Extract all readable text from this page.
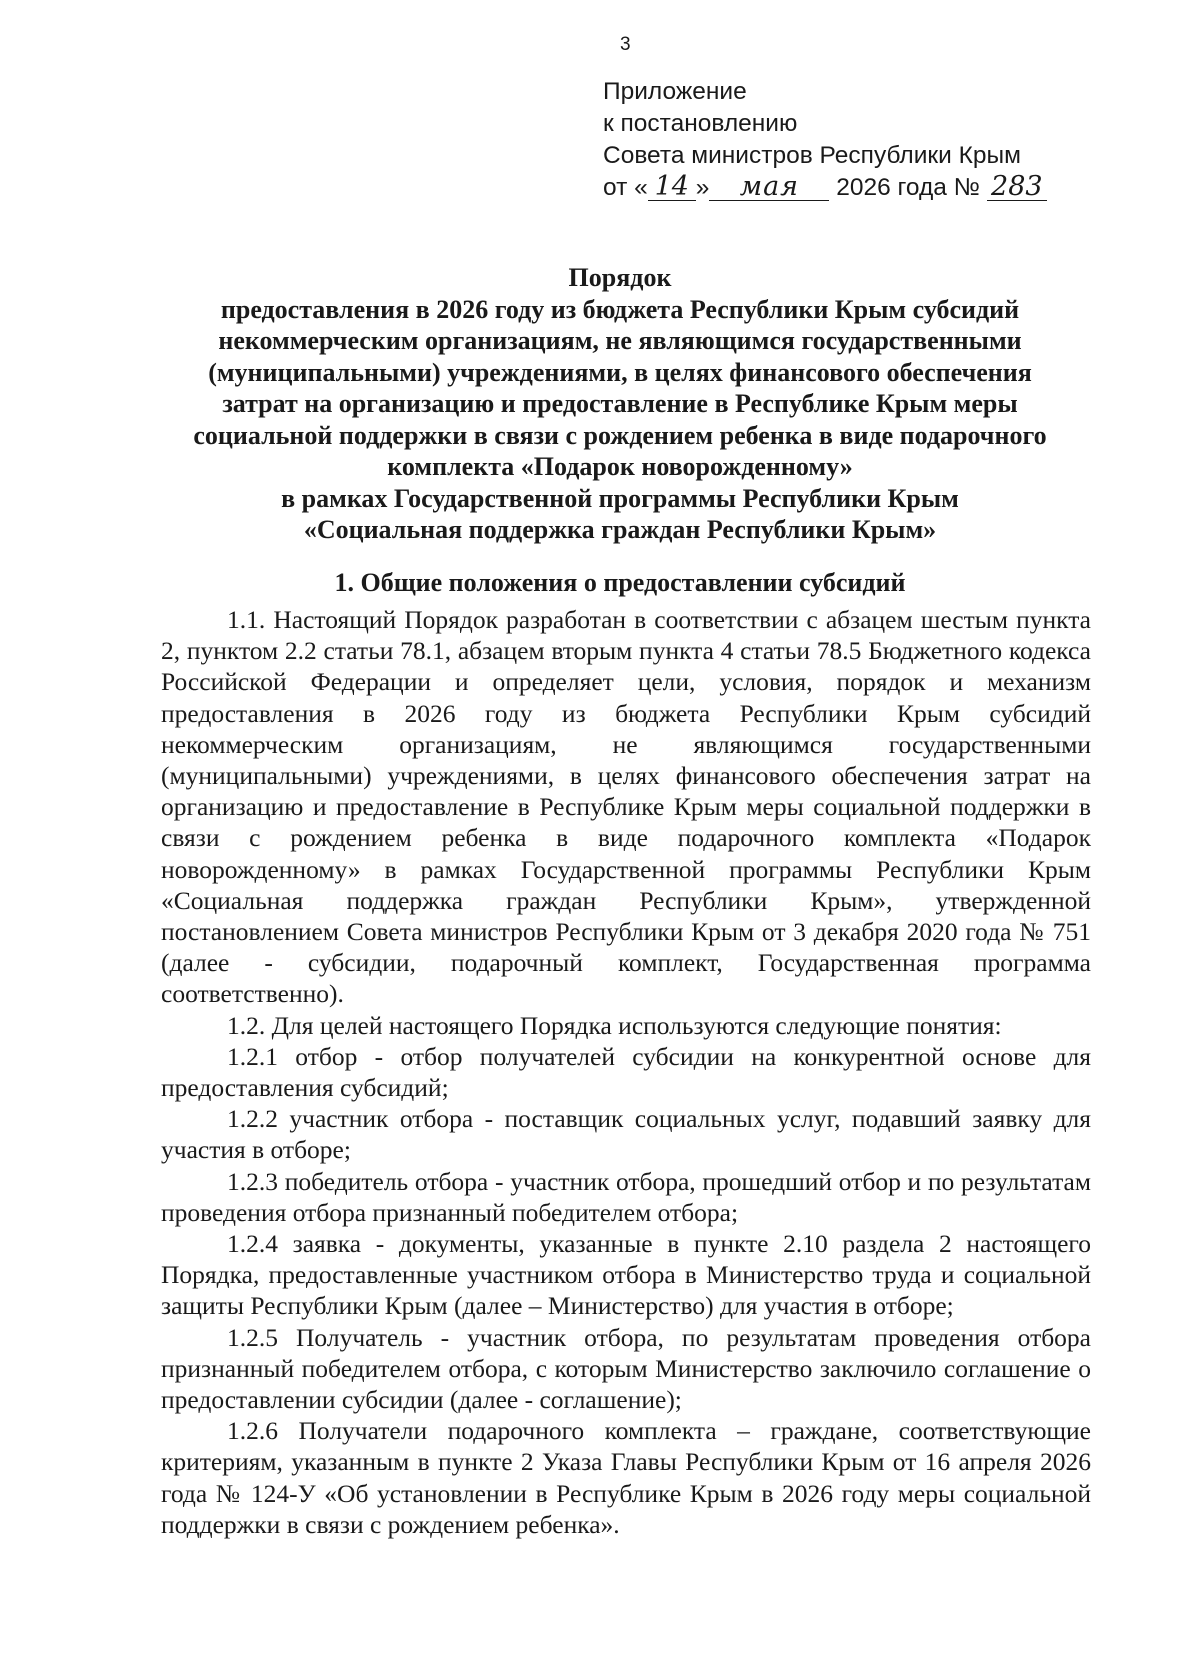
3
Приложение
к постановлению
Совета министров Республики Крым
от « 14 » мая 2026 года № 283
Порядок
предоставления в 2026 году из бюджета Республики Крым субсидий
некоммерческим организациям, не являющимся государственными
(муниципальными) учреждениями, в целях финансового обеспечения
затрат на организацию и предоставление в Республике Крым меры
социальной поддержки в связи с рождением ребенка в виде подарочного
комплекта «Подарок новорожденному»
в рамках Государственной программы Республики Крым
«Социальная поддержка граждан Республики Крым»
1. Общие положения о предоставлении субсидий

1.1. Настоящий Порядок разработан в соответствии с абзацем шестым пункта 2, пунктом 2.2 статьи 78.1, абзацем вторым пункта 4 статьи 78.5 Бюджетного кодекса Российской Федерации и определяет цели, условия, порядок и механизм предоставления в 2026 году из бюджета Республики Крым субсидий некоммерческим организациям, не являющимся государственными (муниципальными) учреждениями, в целях финансового обеспечения затрат на организацию и предоставление в Республике Крым меры социальной поддержки в связи с рождением ребенка в виде подарочного комплекта «Подарок новорожденному» в рамках Государственной программы Республики Крым «Социальная поддержка граждан Республики Крым», утвержденной постановлением Совета министров Республики Крым от 3 декабря 2020 года № 751 (далее - субсидии, подарочный комплект, Государственная программа соответственно).

1.2. Для целей настоящего Порядка используются следующие понятия:

1.2.1 отбор - отбор получателей субсидии на конкурентной основе для предоставления субсидий;

1.2.2 участник отбора - поставщик социальных услуг, подавший заявку для участия в отборе;

1.2.3 победитель отбора - участник отбора, прошедший отбор и по результатам проведения отбора признанный победителем отбора;

1.2.4 заявка - документы, указанные в пункте 2.10 раздела 2 настоящего Порядка, предоставленные участником отбора в Министерство труда и социальной защиты Республики Крым (далее – Министерство) для участия в отборе;

1.2.5 Получатель - участник отбора, по результатам проведения отбора признанный победителем отбора, с которым Министерство заключило соглашение о предоставлении субсидии (далее - соглашение);

1.2.6 Получатели подарочного комплекта – граждане, соответствующие критериям, указанным в пункте 2 Указа Главы Республики Крым от 16 апреля 2026 года № 124-У «Об установлении в Республике Крым в 2026 году меры социальной поддержки в связи с рождением ребенка».
